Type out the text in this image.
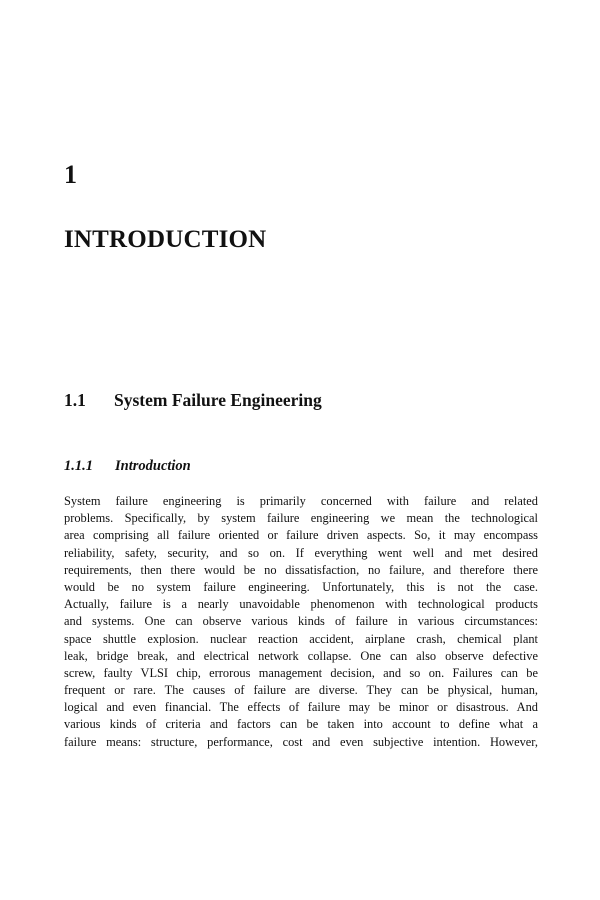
1
INTRODUCTION
1.1 System Failure Engineering
1.1.1 Introduction
System failure engineering is primarily concerned with failure and related
problems. Specifically, by system failure engineering we mean the technological
area comprising all failure oriented or failure driven aspects. So, it may encompass
reliability, safety, security, and so on. If everything went well and met desired
requirements, then there would be no dissatisfaction, no failure, and therefore there
would be no system failure engineering. Unfortunately, this is not the case.
Actually, failure is a nearly unavoidable phenomenon with technological products
and systems. One can observe various kinds of failure in various circumstances:
space shuttle explosion. nuclear reaction accident, airplane crash, chemical plant
leak, bridge break, and electrical network collapse. One can also observe defective
screw, faulty VLSI chip, errorous management decision, and so on. Failures can be
frequent or rare. The causes of failure are diverse. They can be physical, human,
logical and even financial. The effects of failure may be minor or disastrous. And
various kinds of criteria and factors can be taken into account to define what a
failure means: structure, performance, cost and even subjective intention. However,
